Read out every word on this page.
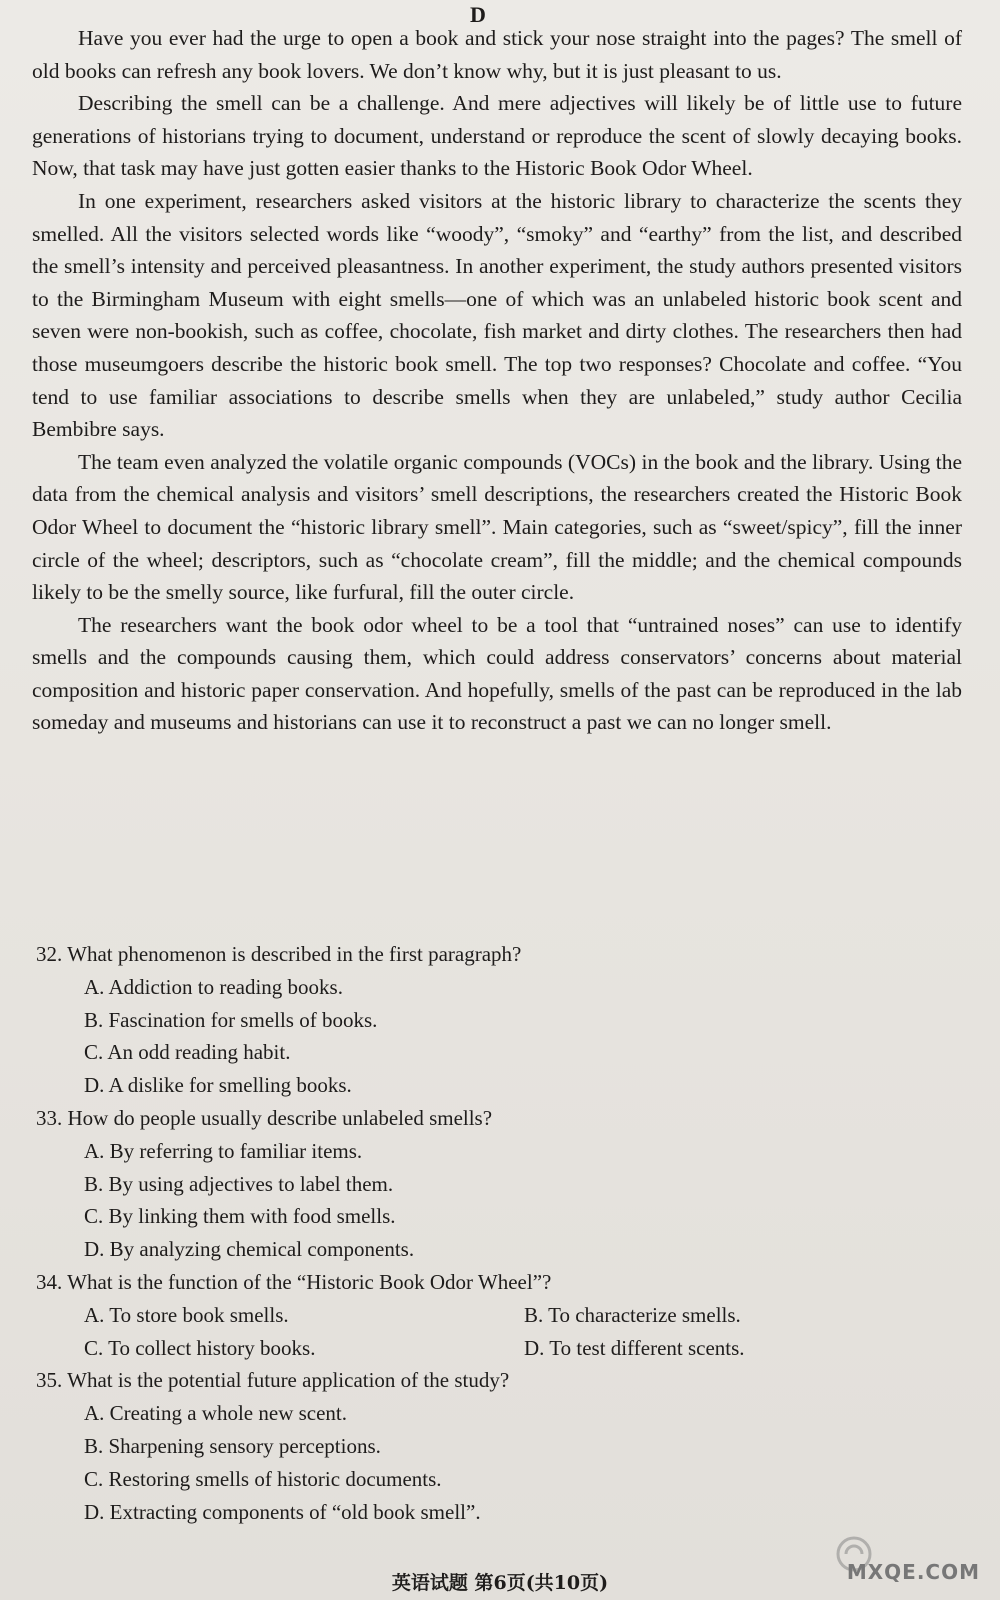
D

Have you ever had the urge to open a book and stick your nose straight into the pages? The smell of old books can refresh any book lovers. We don’t know why, but it is just pleasant to us.

Describing the smell can be a challenge. And mere adjectives will likely be of little use to future generations of historians trying to document, understand or reproduce the scent of slowly decaying books. Now, that task may have just gotten easier thanks to the Historic Book Odor Wheel.

In one experiment, researchers asked visitors at the historic library to characterize the scents they smelled. All the visitors selected words like “woody”, “smoky” and “earthy” from the list, and described the smell’s intensity and perceived pleasantness. In another experiment, the study authors presented visitors to the Birmingham Museum with eight smells—one of which was an unlabeled historic book scent and seven were non-bookish, such as coffee, chocolate, fish market and dirty clothes. The researchers then had those museumgoers describe the historic book smell. The top two responses? Chocolate and coffee. “You tend to use familiar associations to describe smells when they are unlabeled,” study author Cecilia Bembibre says.

The team even analyzed the volatile organic compounds (VOCs) in the book and the library. Using the data from the chemical analysis and visitors’ smell descriptions, the researchers created the Historic Book Odor Wheel to document the “historic library smell”. Main categories, such as “sweet/spicy”, fill the inner circle of the wheel; descriptors, such as “chocolate cream”, fill the middle; and the chemical compounds likely to be the smelly source, like furfural, fill the outer circle.

The researchers want the book odor wheel to be a tool that “untrained noses” can use to identify smells and the compounds causing them, which could address conservators’ concerns about material composition and historic paper conservation. And hopefully, smells of the past can be reproduced in the lab someday and museums and historians can use it to reconstruct a past we can no longer smell.

32. What phenomenon is described in the first paragraph?

A. Addiction to reading books.

B. Fascination for smells of books.

C. An odd reading habit.

D. A dislike for smelling books.

33. How do people usually describe unlabeled smells?

A. By referring to familiar items.

B. By using adjectives to label them.

C. By linking them with food smells.

D. By analyzing chemical components.

34. What is the function of the “Historic Book Odor Wheel”?

A. To store book smells.	B. To characterize smells.

C. To collect history books.	D. To test different scents.

35. What is the potential future application of the study?

A. Creating a whole new scent.

B. Sharpening sensory perceptions.

C. Restoring smells of historic documents.

D. Extracting components of “old book smell”.

英语试题 第6页(共10页)	MXQE.COM
